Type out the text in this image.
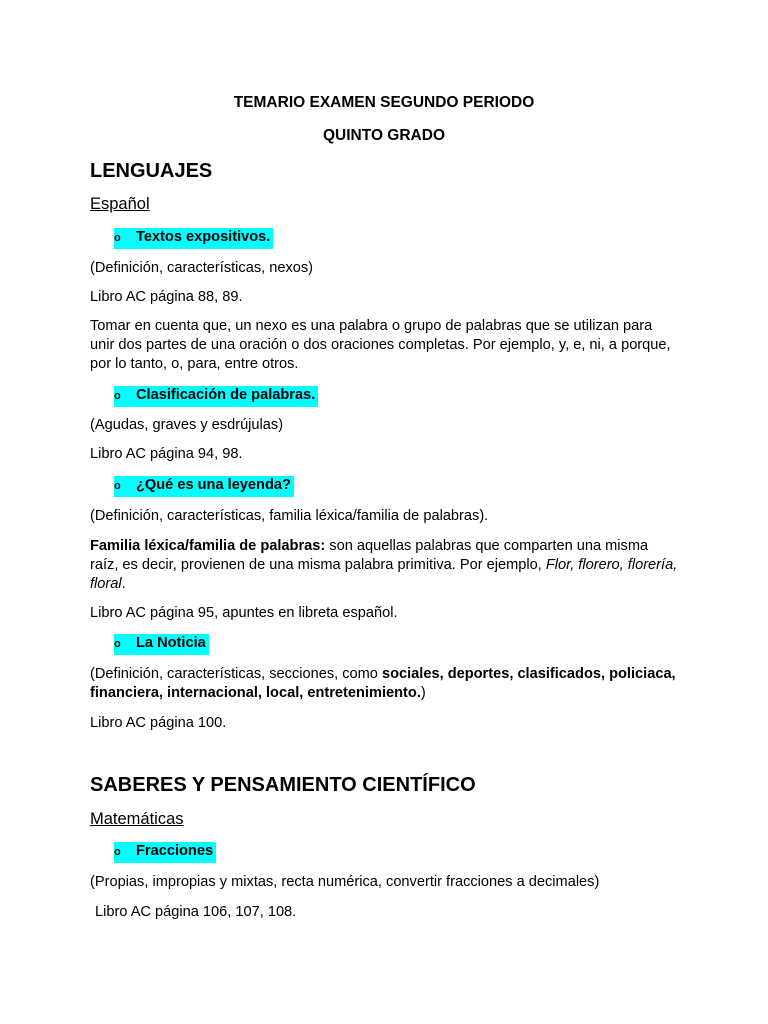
TEMARIO EXAMEN SEGUNDO PERIODO

QUINTO GRADO

LENGUAJES

Español

o Textos expositivos.

(Definición, características, nexos)

Libro AC página 88, 89.

Tomar en cuenta que, un nexo es una palabra o grupo de palabras que se utilizan para unir dos partes de una oración o dos oraciones completas. Por ejemplo, y, e, ni, a porque, por lo tanto, o, para, entre otros.

o Clasificación de palabras.

(Agudas, graves y esdrújulas)

Libro AC página 94, 98.

o ¿Qué es una leyenda?

(Definición, características, familia léxica/familia de palabras).

Familia léxica/familia de palabras: son aquellas palabras que comparten una misma raíz, es decir, provienen de una misma palabra primitiva. Por ejemplo, Flor, florero, florería, floral.

Libro AC página 95, apuntes en libreta español.

o La Noticia

(Definición, características, secciones, como sociales, deportes, clasificados, policiaca, financiera, internacional, local, entretenimiento.)

Libro AC página 100.

SABERES Y PENSAMIENTO CIENTÍFICO

Matemáticas

o Fracciones

(Propias, impropias y mixtas, recta numérica, convertir fracciones a decimales)

Libro AC página 106, 107, 108.
